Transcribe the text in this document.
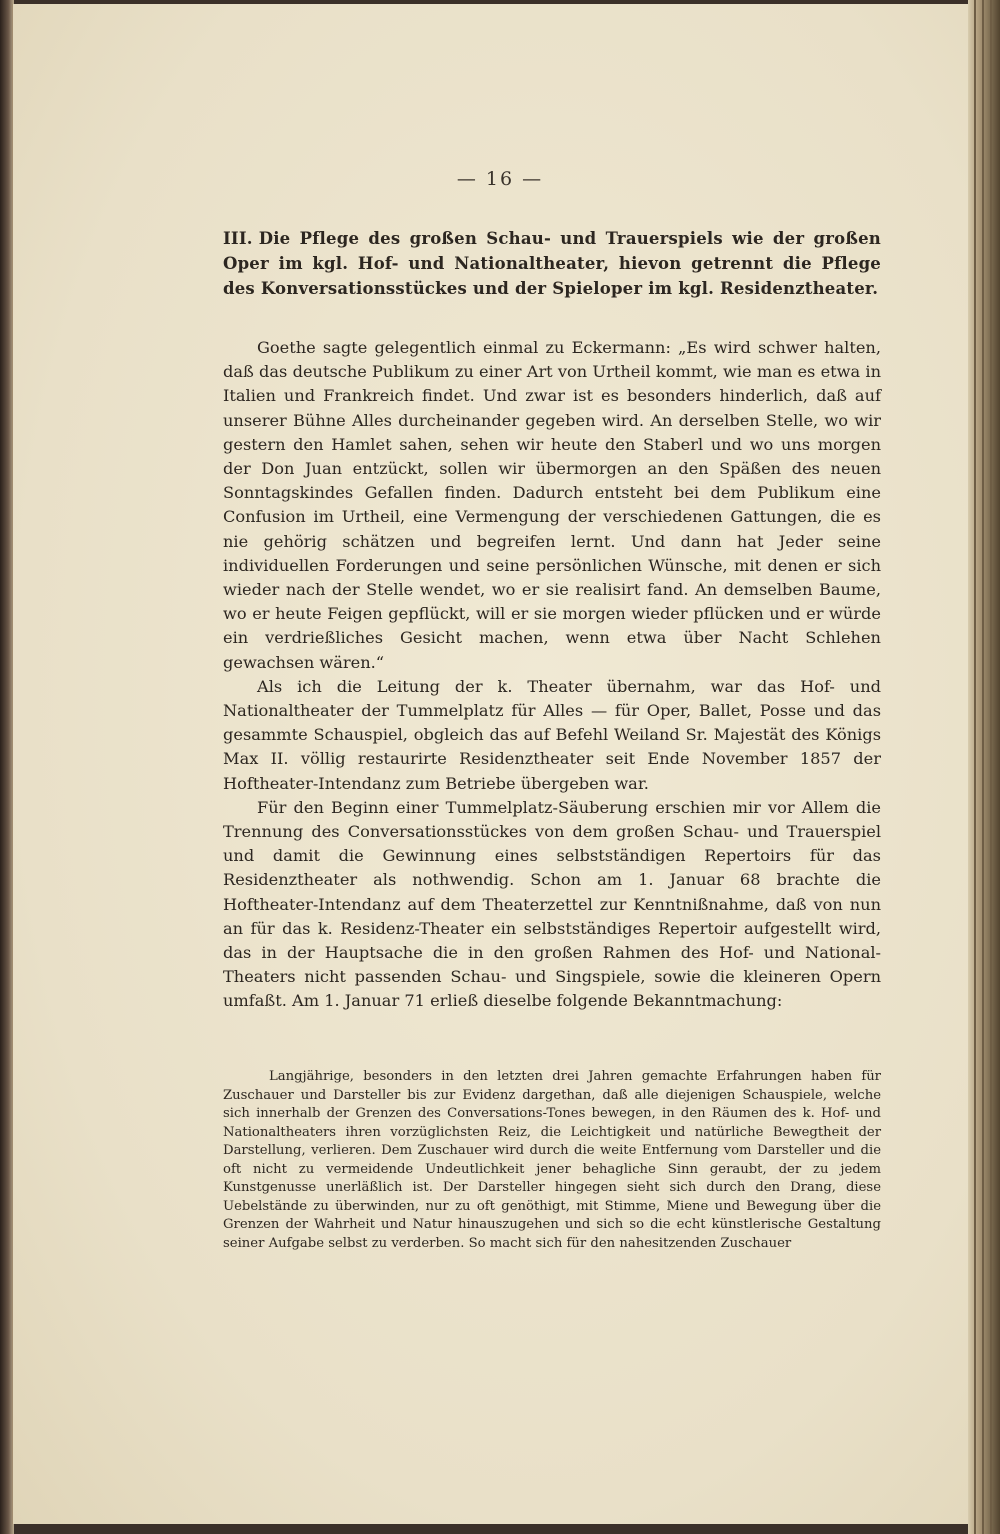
— 16 —
III. Die Pflege des großen Schau- und Trauerspiels wie der großen Oper im kgl. Hof- und Nationaltheater, hievon getrennt die Pflege des Konversationsstückes und der Spieloper im kgl. Residenztheater.

Goethe sagte gelegentlich einmal zu Eckermann: „Es wird schwer halten, daß das deutsche Publikum zu einer Art von Urtheil kommt, wie man es etwa in Italien und Frankreich findet. Und zwar ist es besonders hinderlich, daß auf unserer Bühne Alles durcheinander gegeben wird. An derselben Stelle, wo wir gestern den Hamlet sahen, sehen wir heute den Staberl und wo uns morgen der Don Juan entzückt, sollen wir übermorgen an den Späßen des neuen Sonntagskindes Gefallen finden. Dadurch entsteht bei dem Publikum eine Confusion im Urtheil, eine Vermengung der verschiedenen Gattungen, die es nie gehörig schätzen und begreifen lernt. Und dann hat Jeder seine individuellen Forderungen und seine persönlichen Wünsche, mit denen er sich wieder nach der Stelle wendet, wo er sie realisirt fand. An demselben Baume, wo er heute Feigen gepflückt, will er sie morgen wieder pflücken und er würde ein verdrießliches Gesicht machen, wenn etwa über Nacht Schlehen gewachsen wären.“

Als ich die Leitung der k. Theater übernahm, war das Hof- und Nationaltheater der Tummelplatz für Alles — für Oper, Ballet, Posse und das gesammte Schauspiel, obgleich das auf Befehl Weiland Sr. Majestät des Königs Max II. völlig restaurirte Residenztheater seit Ende November 1857 der Hoftheater-Intendanz zum Betriebe übergeben war.

Für den Beginn einer Tummelplatz-Säuberung erschien mir vor Allem die Trennung des Conversationsstückes von dem großen Schau- und Trauerspiel und damit die Gewinnung eines selbstständigen Repertoirs für das Residenztheater als nothwendig. Schon am 1. Januar 68 brachte die Hoftheater-Intendanz auf dem Theaterzettel zur Kenntnißnahme, daß von nun an für das k. Residenz-Theater ein selbstständiges Repertoir aufgestellt wird, das in der Hauptsache die in den großen Rahmen des Hof- und National-Theaters nicht passenden Schau- und Singspiele, sowie die kleineren Opern umfaßt. Am 1. Januar 71 erließ dieselbe folgende Bekanntmachung:

Langjährige, besonders in den letzten drei Jahren gemachte Erfahrungen haben für Zuschauer und Darsteller bis zur Evidenz dargethan, daß alle diejenigen Schauspiele, welche sich innerhalb der Grenzen des Conversations-Tones bewegen, in den Räumen des k. Hof- und Nationaltheaters ihren vorzüglichsten Reiz, die Leichtigkeit und natürliche Bewegtheit der Darstellung, verlieren. Dem Zuschauer wird durch die weite Entfernung vom Darsteller und die oft nicht zu vermeidende Undeutlichkeit jener behagliche Sinn geraubt, der zu jedem Kunstgenusse unerläßlich ist. Der Darsteller hingegen sieht sich durch den Drang, diese Uebelstände zu überwinden, nur zu oft genöthigt, mit Stimme, Miene und Bewegung über die Grenzen der Wahrheit und Natur hinauszugehen und sich so die echt künstlerische Gestaltung seiner Aufgabe selbst zu verderben. So macht sich für den nahesitzenden Zuschauer
